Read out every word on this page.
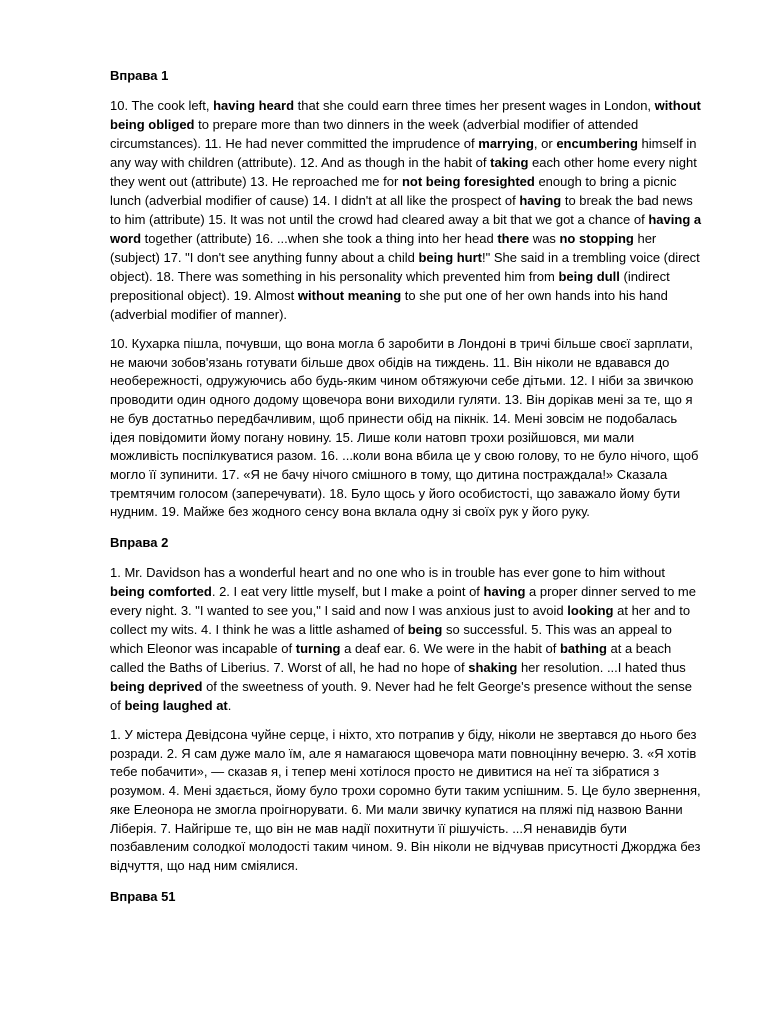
Вправа 1

10. The cook left, having heard that she could earn three times her present wages in London, without being obliged to prepare more than two dinners in the week (adverbial modifier of attended circumstances). 11. He had never committed the imprudence of marrying, or encumbering himself in any way with children (attribute). 12. And as though in the habit of taking each other home every night they went out (attribute) 13. He reproached me for not being foresighted enough to bring a picnic lunch (adverbial modifier of cause) 14. I didn't at all like the prospect of having to break the bad news to him (attribute) 15. It was not until the crowd had cleared away a bit that we got a chance of having a word together (attribute) 16. ...when she took a thing into her head there was no stopping her (subject) 17. "I don't see anything funny about a child being hurt!" She said in a trembling voice (direct object). 18. There was something in his personality which prevented him from being dull (indirect prepositional object). 19. Almost without meaning to she put one of her own hands into his hand (adverbial modifier of manner).

10. Кухарка пішла, почувши, що вона могла б заробити в Лондоні в тричі більше своєї зарплати, не маючи зобов'язань готувати більше двох обідів на тиждень. 11. Він ніколи не вдавався до необережності, одружуючись або будь-яким чином обтяжуючи себе дітьми. 12. І ніби за звичкою проводити один одного додому щовечора вони виходили гуляти. 13. Він дорікав мені за те, що я не був достатньо передбачливим, щоб принести обід на пікнік. 14. Мені зовсім не подобалась ідея повідомити йому погану новину. 15. Лише коли натовп трохи розійшовся, ми мали можливість поспілкуватися разом. 16. ...коли вона вбила це у свою голову, то не було нічого, щоб могло її зупинити. 17. «Я не бачу нічого смішного в тому, що дитина постраждала!» Сказала тремтячим голосом (заперечувати). 18. Було щось у його особистості, що заважало йому бути нудним. 19. Майже без жодного сенсу вона вклала одну зі своїх рук у його руку.

Вправа 2

1. Mr. Davidson has a wonderful heart and no one who is in trouble has ever gone to him without being comforted. 2. I eat very little myself, but I make a point of having a proper dinner served to me every night. 3. "I wanted to see you," I said and now I was anxious just to avoid looking at her and to collect my wits. 4. I think he was a little ashamed of being so successful. 5. This was an appeal to which Eleonor was incapable of turning a deaf ear. 6. We were in the habit of bathing at a beach called the Baths of Liberius. 7. Worst of all, he had no hope of shaking her resolution. ...I hated thus being deprived of the sweetness of youth. 9. Never had he felt George's presence without the sense of being laughed at.

1. У містера Девідсона чуйне серце, і ніхто, хто потрапив у біду, ніколи не звертався до нього без розради. 2. Я сам дуже мало їм, але я намагаюся щовечора мати повноцінну вечерю. 3. «Я хотів тебе побачити», — сказав я, і тепер мені хотілося просто не дивитися на неї та зібратися з розумом. 4. Мені здається, йому було трохи соромно бути таким успішним. 5. Це було звернення, яке Елеонора не змогла проігнорувати. 6. Ми мали звичку купатися на пляжі під назвою Ванни Ліберія. 7. Найгірше те, що він не мав надії похитнути її рішучість. ...Я ненавидів бути позбавленим солодкої молодості таким чином. 9. Він ніколи не відчував присутності Джорджа без відчуття, що над ним сміялися.

Вправа 51
